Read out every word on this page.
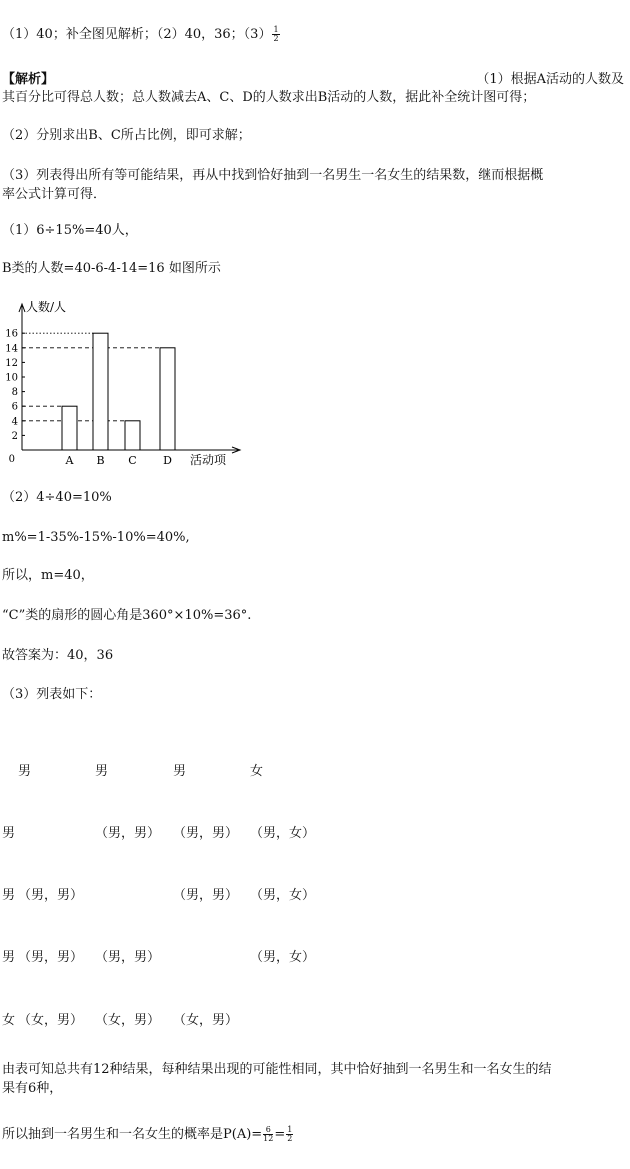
（1）40；补全图见解析；（2）40，36；$(3) \frac{1}{2}$
【解析】	（1）根据A活动的人数及
其百分比可得总人数；总人数减去A、C、D的人数求出B活动的人数，据此补全统计图可得；
（2）分别求出B、C所占比例，即可求解；
（3）列表得出所有等可能结果，再从中找到恰好抽到一名男生一名女生的结果数，继而根据概
率公式计算可得．
（1）6÷15%=40人，
B类的人数=40-6-4-14=16 如图所示
人数/人
2
4
6
8
10
12
14
16
0	A B C D 活动项
（2）4÷40=10%
m%=1-35%-15%-10%=40%,
所以，m=40，
“C”类的扇形的圆心角是360°×10%=36°.
故答案为：40，36
（3）列表如下：
男	男	男	女
男	（男，男） （男，男） （男，女）
男 （男，男）	（男，男） （男，女）
男 （男，男） （男，男）	（男，女）
女 （女，男） （女，男） （女，男）
由表可知总共有12种结果，每种结果出现的可能性相同，其中恰好抽到一名男生和一名女生的结
果有6种，
所以抽到一名男生和一名女生的概率是$P(A)= \frac{6}{12} = \frac{1}{2}$
